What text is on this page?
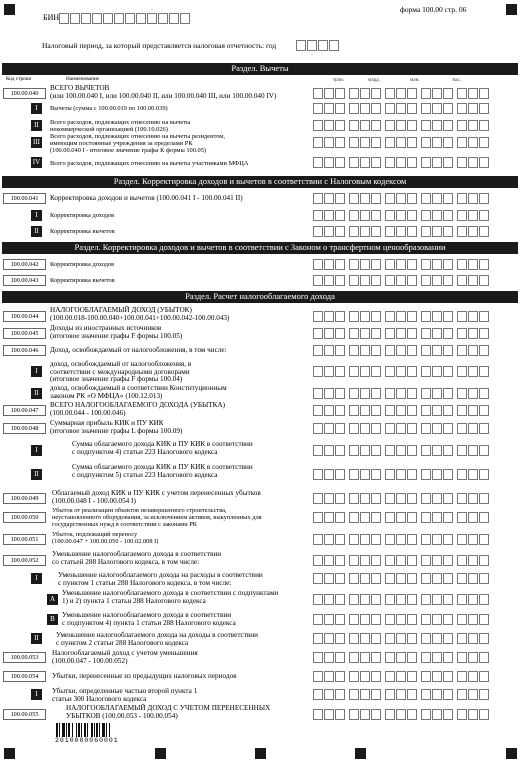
БИН
форма 100.00 стр. 06
Налоговый период, за который представляется налоговая отчетность: год
Раздел. Вычеты
Код строки	Наименование	трлн.	млрд.	млн.	тыс.
100.00.040
ВСЕГО ВЫЧЕТОВ
(или 100.00.040 I, или 100.00.040 II, или 100.00.040 III, или 100.00.040 IV)
I	Вычеты (сумма с 100.00.019 по 100.00.039)
II	Всего расходов, подлежащих отнесению на вычеты
некоммерческой организацией (100.10.026)
III
Всего расходов, подлежащих отнесению на вычеты резидентом,
имеющим постоянные учреждения за пределами РК
(100.00.040 I - итоговое значение графы К формы 100.05)
IV Всего расходов, подлежащих отнесению на вычеты участниками МФЦА
Раздел. Корректировка доходов и вычетов в соответствии с Налоговым кодексом
100.00.041	Корректировка доходов и вычетов (100.00.041 I - 100.00.041 II)
I	Корректировка доходов
II	Корректировка вычетов
Раздел. Корректировка доходов и вычетов в соответствии с Законом о трансфертном ценообразовании
100.00.042	Корректировка доходов
100.00.043	Корректировка вычетов
Раздел. Расчет налогооблагаемого дохода
100.00.044
НАЛОГООБЛАГАЕМЫЙ ДОХОД (УБЫТОК)
(100.00.018-100.00.040+100.00.041+100.00.042-100.00.043)
100.00.045
Доходы из иностранных источников
(итоговое значение графы F формы 100.05)
100.00.046	Доход, освобождаемый от налогообложения, в том числе:
I
доход, освобождаемый от налогообложения, в
соответствии с международными договорами
(итоговое значение графы F формы 100.04)
II
доход, освобождаемый в соответствии Конституционным
законом РК «О МФЦА» (100.12.013)
100.00.047
ВСЕГО НАЛОГООБЛАГАЕМОГО ДОХОДА (УБЫТКА)
(100.00.044 - 100.00.046)
100.00.048
Суммарная прибыль КИК и ПУ КИК
(итоговое значение графы L формы 100.09)
I
Сумма облагаемого дохода КИК и ПУ КИК в соответствии
с подпунктом 4) статьи 223 Налогового кодекса
II
Сумма облагаемого дохода КИК и ПУ КИК в соответствии
с подпунктом 5) статьи 223 Налогового кодекса
100.00.049
Облагаемый доход КИК и ПУ КИК с учетом перенесенных убытков
(100.00.048 I - 100.00.054 I)
100.00.050
Убыток от реализации объектов незавершенного строительства,
неустановленного оборудования, за исключением активов, выкупленных для
государственных нужд в соответствии с законами РК
100.00.051
Убыток, подлежащий переносу
(100.00.047 + 100.00.050 - 100.02.008 I)
100.00.052
Уменьшение налогооблагаемого дохода в соответствии
со статьей 288 Налогового кодекса, в том числе:
I	Уменьшение налогооблагаемого дохода на расходы в соответствии
с пунктом 1 статьи 288 Налогового кодекса, в том числе:
A
Уменьшение налогооблагаемого дохода в соответствии с подпунктами
1) и 2) пункта 1 статьи 288 Налогового кодекса
B Уменьшение налогооблагаемого дохода в соответствии
с подпунктом 4) пункта 1 статьи 288 Налогового кодекса
II	Уменьшение налогооблагаемого дохода на доходы в соответствии
с пунктом 2 статьи 288 Налогового кодекса
100.00.053
Налогооблагаемый доход с учетом уменьшения
(100.00.047 - 100.00.052)
100.00.054	Убытки, перенесенные из предыдущих налоговых периодов
I	Убытки, определенные частью второй пункта 1
статьи 300 Налогового кодекса
100.00.055
НАЛОГООБЛАГАЕМЫЙ ДОХОД С УЧЕТОМ ПЕРЕНЕСЕННЫХ
УБЫТКОВ (100.00.053 - 100.00.054)
2010000060001
